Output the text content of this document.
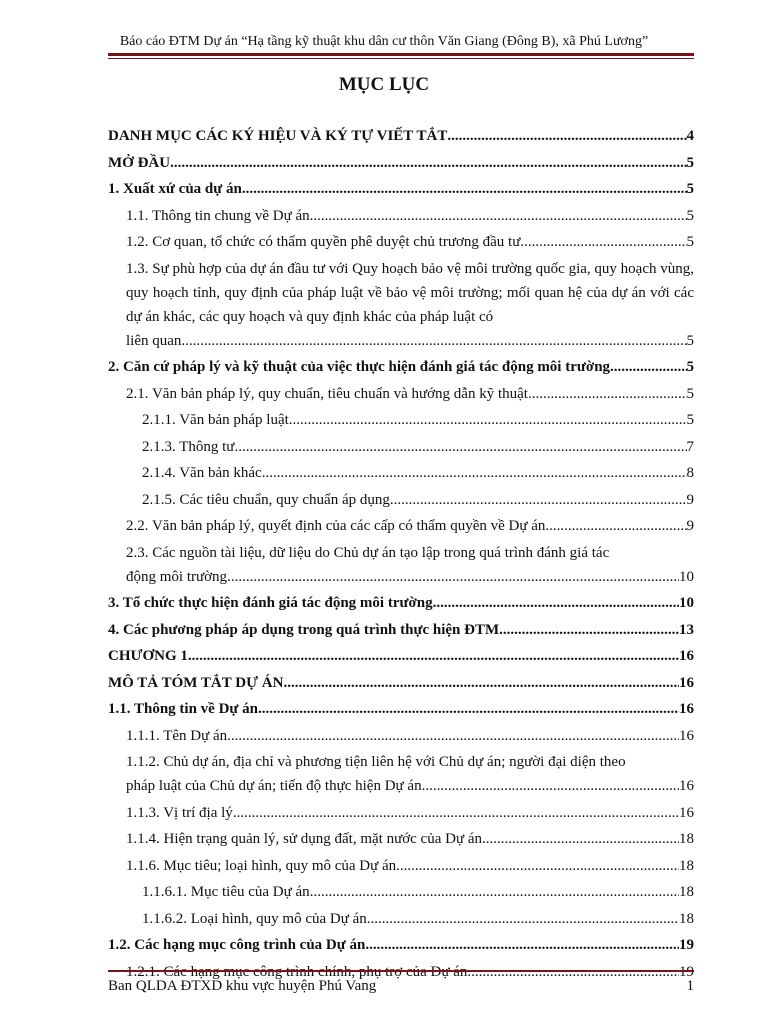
Báo cáo ĐTM Dự án “Hạ tầng kỹ thuật khu dân cư thôn Văn Giang (Đông B), xã Phú Lương”
MỤC LỤC
DANH MỤC CÁC KÝ HIỆU VÀ KÝ TỰ VIẾT TẮT .....	4
MỞ ĐẦU .....	5
1. Xuất xứ của dự án .....	5
1.1. Thông tin chung về Dự án .....	5
1.2. Cơ quan, tổ chức có thẩm quyền phê duyệt chủ trương đầu tư .....	5
1.3. Sự phù hợp của dự án đầu tư với Quy hoạch bảo vệ môi trường quốc gia, quy hoạch vùng, quy hoạch tỉnh, quy định của pháp luật về bảo vệ môi trường; mối quan hệ của dự án với các dự án khác, các quy hoạch và quy định khác của pháp luật có
liên quan .....	5
2. Căn cứ pháp lý và kỹ thuật của việc thực hiện đánh giá tác động môi trường .....	5
2.1. Văn bản pháp lý, quy chuẩn, tiêu chuẩn và hướng dẫn kỹ thuật .....	5
2.1.1. Văn bản pháp luật .....	5
2.1.3. Thông tư .....	7
2.1.4. Văn bản khác .....	8
2.1.5. Các tiêu chuẩn, quy chuẩn áp dụng .....	9
2.2. Văn bản pháp lý, quyết định của các cấp có thẩm quyền về Dự án .....	9
2.3. Các nguồn tài liệu, dữ liệu do Chủ dự án tạo lập trong quá trình đánh giá tác
động môi trường .....	10
3. Tổ chức thực hiện đánh giá tác động môi trường .....	10
4. Các phương pháp áp dụng trong quá trình thực hiện ĐTM .....	13
CHƯƠNG 1 .....	16
MÔ TẢ TÓM TẮT DỰ ÁN .....	16
1.1. Thông tin về Dự án .....	16
1.1.1. Tên Dự án .....	16
1.1.2. Chủ dự án, địa chỉ và phương tiện liên hệ với Chủ dự án; người đại diện theo
pháp luật của Chủ dự án; tiến độ thực hiện Dự án .....	16
1.1.3. Vị trí địa lý .....	16
1.1.4. Hiện trạng quản lý, sử dụng đất, mặt nước của Dự án .....	18
1.1.6. Mục tiêu; loại hình, quy mô của Dự án .....	18
1.1.6.1. Mục tiêu của Dự án .....	18
1.1.6.2. Loại hình, quy mô của Dự án .....	18
1.2. Các hạng mục công trình của Dự án .....	19
1.2.1. Các hạng mục công trình chính, phụ trợ của Dự án .....	19
Ban QLDA ĐTXD khu vực huyện Phú Vang	1
